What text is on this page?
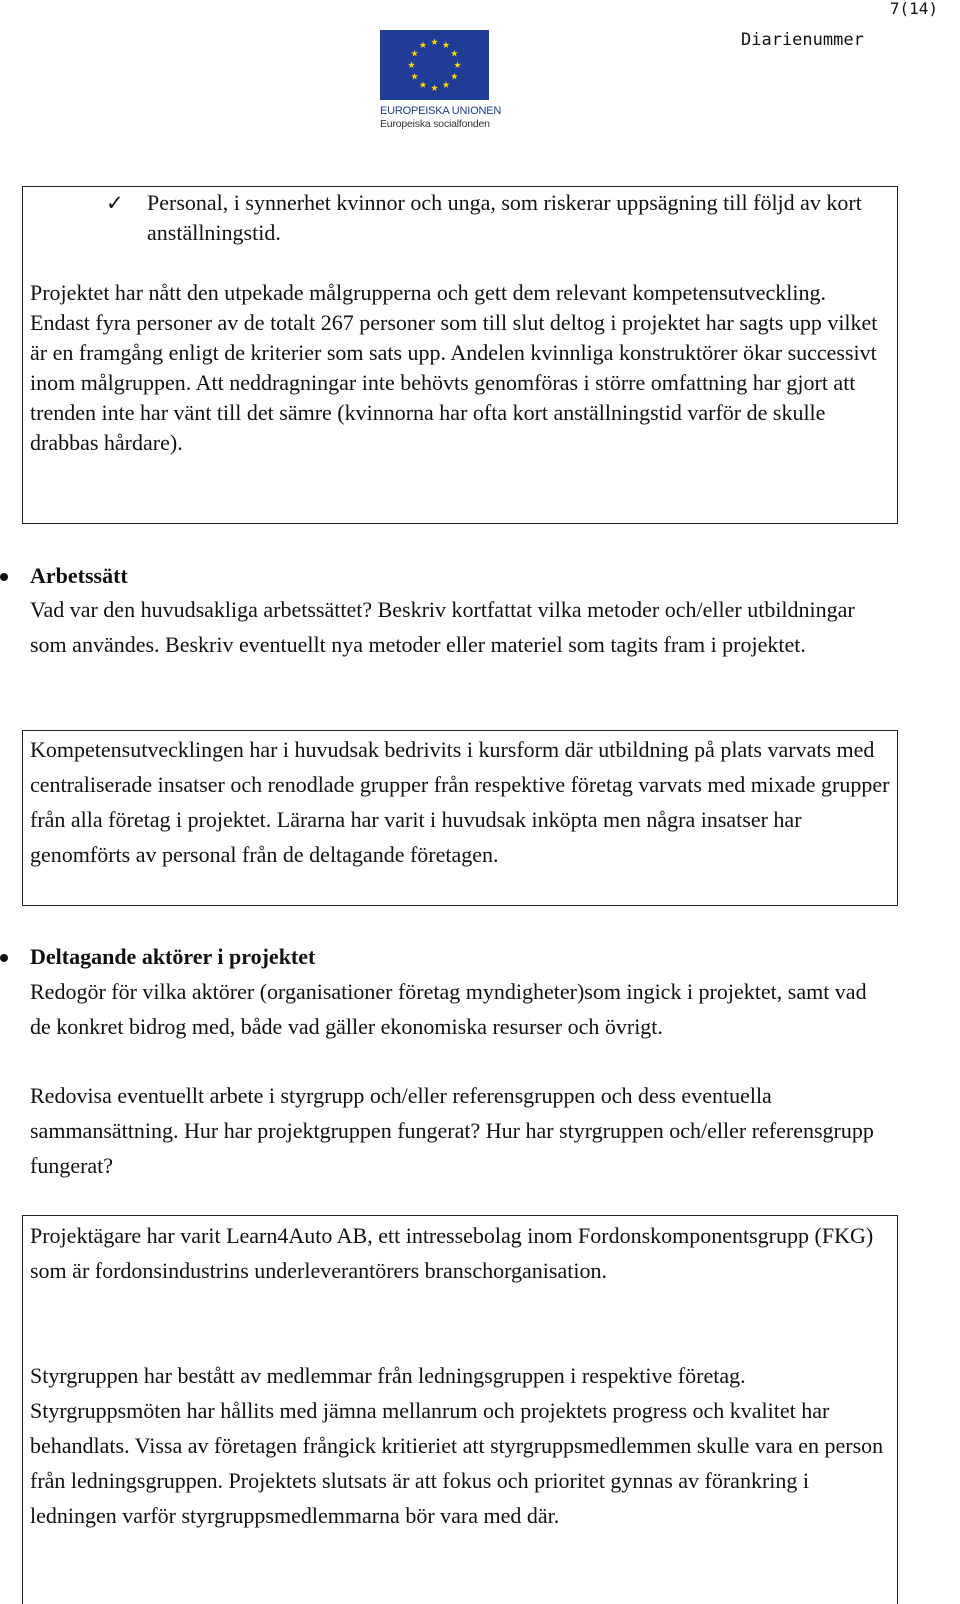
7(14)
Diarienummer
EUROPEISKA UNIONEN
Europeiska socialfonden
✓ Personal, i synnerhet kvinnor och unga, som riskerar uppsägning till följd av kort anställningstid.

Projektet har nått den utpekade målgrupperna och gett dem relevant kompetensutveckling. Endast fyra personer av de totalt 267 personer som till slut deltog i projektet har sagts upp vilket är en framgång enligt de kriterier som sats upp. Andelen kvinnliga konstruktörer ökar successivt inom målgruppen. Att neddragningar inte behövts genomföras i större omfattning har gjort att trenden inte har vänt till det sämre (kvinnorna har ofta kort anställningstid varför de skulle drabbas hårdare).

Arbetssätt

Vad var den huvudsakliga arbetssättet? Beskriv kortfattat vilka metoder och/eller utbildningar som användes. Beskriv eventuellt nya metoder eller materiel som tagits fram i projektet.

Kompetensutvecklingen har i huvudsak bedrivits i kursform där utbildning på plats varvats med centraliserade insatser och renodlade grupper från respektive företag varvats med mixade grupper från alla företag i projektet. Lärarna har varit i huvudsak inköpta men några insatser har genomförts av personal från de deltagande företagen.

Deltagande aktörer i projektet

Redogör för vilka aktörer (organisationer företag myndigheter)som ingick i projektet, samt vad de konkret bidrog med, både vad gäller ekonomiska resurser och övrigt.

Redovisa eventuellt arbete i styrgrupp och/eller referensgruppen och dess eventuella sammansättning. Hur har projektgruppen fungerat? Hur har styrgruppen och/eller referensgrupp fungerat?

Projektägare har varit Learn4Auto AB, ett intressebolag inom Fordonskomponentsgrupp (FKG) som är fordonsindustrins underleverantörers branschorganisation.

Styrgruppen har bestått av medlemmar från ledningsgruppen i respektive företag. Styrgruppsmöten har hållits med jämna mellanrum och projektets progress och kvalitet har behandlats. Vissa av företagen frångick kritieriet att styrgruppsmedlemmen skulle vara en person från ledningsgruppen. Projektets slutsats är att fokus och prioritet gynnas av förankring i ledningen varför styrgruppsmedlemmarna bör vara med där.
